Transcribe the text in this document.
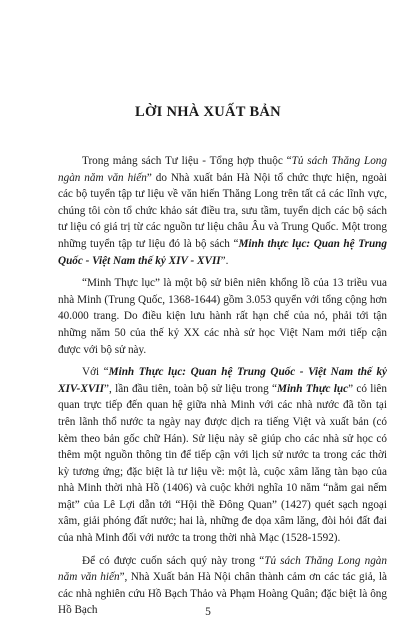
LỜI NHÀ XUẤT BẢN

Trong mảng sách Tư liệu - Tổng hợp thuộc “Tủ sách Thăng Long ngàn năm văn hiến” do Nhà xuất bản Hà Nội tổ chức thực hiện, ngoài các bộ tuyển tập tư liệu về văn hiến Thăng Long trên tất cả các lĩnh vực, chúng tôi còn tổ chức khảo sát điều tra, sưu tầm, tuyển dịch các bộ sách tư liệu có giá trị từ các nguồn tư liệu châu Âu và Trung Quốc. Một trong những tuyển tập tư liệu đó là bộ sách “Minh thực lục: Quan hệ Trung Quốc - Việt Nam thế kỷ XIV - XVII”.

“Minh Thực lục” là một bộ sử biên niên khổng lồ của 13 triều vua nhà Minh (Trung Quốc, 1368-1644) gồm 3.053 quyển với tổng cộng hơn 40.000 trang. Do điều kiện lưu hành rất hạn chế của nó, phải tới tận những năm 50 của thế kỷ XX các nhà sử học Việt Nam mới tiếp cận được với bộ sử này.

Với “Minh Thực lục: Quan hệ Trung Quốc - Việt Nam thế kỷ XIV-XVII”, lần đầu tiên, toàn bộ sử liệu trong “Minh Thực lục” có liên quan trực tiếp đến quan hệ giữa nhà Minh với các nhà nước đã tồn tại trên lãnh thổ nước ta ngày nay được dịch ra tiếng Việt và xuất bản (có kèm theo bản gốc chữ Hán). Sử liệu này sẽ giúp cho các nhà sử học có thêm một nguồn thông tin để tiếp cận với lịch sử nước ta trong các thời kỳ tương ứng; đặc biệt là tư liệu về: một là, cuộc xâm lăng tàn bạo của nhà Minh thời nhà Hồ (1406) và cuộc khởi nghĩa 10 năm “nằm gai nếm mật” của Lê Lợi dẫn tới “Hội thề Đông Quan” (1427) quét sạch ngoại xâm, giải phóng đất nước; hai là, những đe dọa xâm lăng, đòi hỏi đất đai của nhà Minh đối với nước ta trong thời nhà Mạc (1528-1592).

Để có được cuốn sách quý này trong “Tủ sách Thăng Long ngàn năm văn hiến”, Nhà Xuất bản Hà Nội chân thành cảm ơn các tác giả, là các nhà nghiên cứu Hồ Bạch Thảo và Phạm Hoàng Quân; đặc biệt là ông Hồ Bạch	5
